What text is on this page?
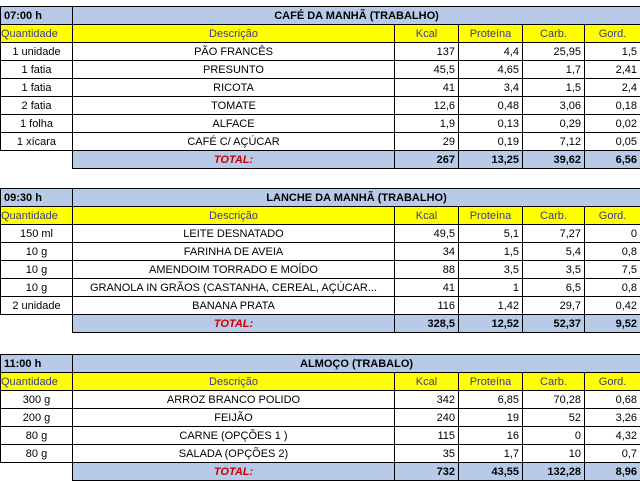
07:00 h	CAFÉ DA MANHÃ (TRABALHO)				
Quantidade	Descrição	Kcal	Proteína	Carb.	Gord.
1 unidade	PÃO FRANCÊS	137	4,4	25,95	1,5
1 fatia	PRESUNTO	45,5	4,65	1,7	2,41
1 fatia	RICOTA	41	3,4	1,5	2,4
2 fatia	TOMATE	12,6	0,48	3,06	0,18
1 folha	ALFACE	1,9	0,13	0,29	0,02
1 xícara	CAFÉ C/ AÇÚCAR	29	0,19	7,12	0,05
	TOTAL:	267	13,25	39,62	6,56
09:30 h	LANCHE DA MANHÃ (TRABALHO)				
Quantidade	Descrição	Kcal	Proteína	Carb.	Gord.
150 ml	LEITE DESNATADO	49,5	5,1	7,27	0
10 g	FARINHA DE AVEIA	34	1,5	5,4	0,8
10 g	AMENDOIM TORRADO E MOÍDO	88	3,5	3,5	7,5
10 g	GRANOLA IN GRÃOS (CASTANHA, CEREAL, AÇÚCAR...	41	1	6,5	0,8
2 unidade	BANANA PRATA	116	1,42	29,7	0,42
	TOTAL:	328,5	12,52	52,37	9,52
11:00 h	ALMOÇO (TRABALO)				
Quantidade	Descrição	Kcal	Proteína	Carb.	Gord.
300 g	ARROZ BRANCO POLIDO	342	6,85	70,28	0,68
200 g	FEIJÃO	240	19	52	3,26
80 g	CARNE (OPÇÕES 1 )	115	16	0	4,32
80 g	SALADA (OPÇÕES 2)	35	1,7	10	0,7
	TOTAL:	732	43,55	132,28	8,96
